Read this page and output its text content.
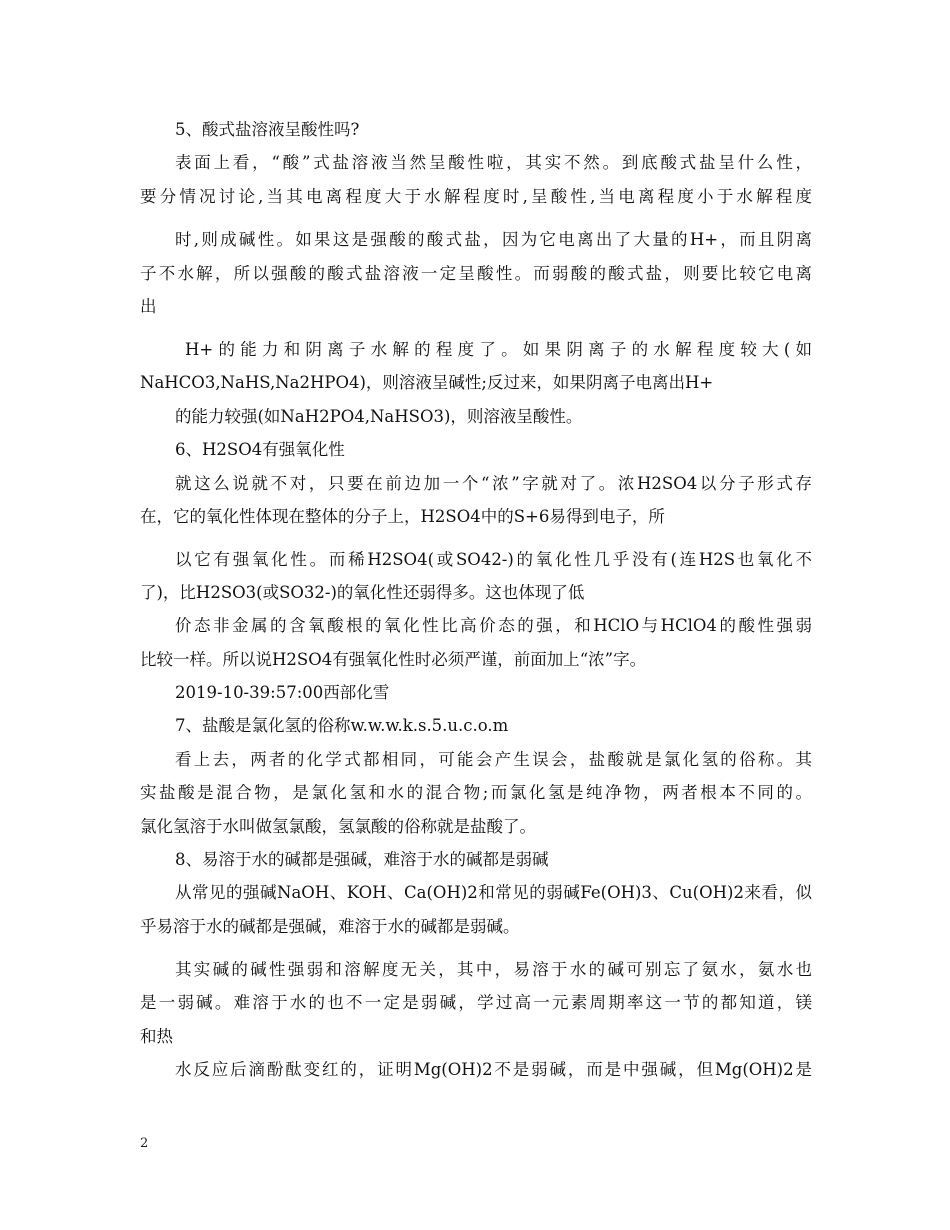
5、酸式盐溶液呈酸性吗?
表面上看，“酸”式盐溶液当然呈酸性啦，其实不然。到底酸式盐呈什么性，
要分情况讨论,当其电离程度大于水解程度时,呈酸性,当电离程度小于水解程度
时,则成碱性。如果这是强酸的酸式盐，因为它电离出了大量的H+，而且阴离
子不水解，所以强酸的酸式盐溶液一定呈酸性。而弱酸的酸式盐，则要比较它电离
出
H+的能力和阴离子水解的程度了。如果阴离子的水解程度较大(如
NaHCO3,NaHS,Na2HPO4)，则溶液呈碱性;反过来，如果阴离子电离出H+
的能力较强(如NaH2PO4,NaHSO3)，则溶液呈酸性。
6、H2SO4有强氧化性
就这么说就不对，只要在前边加一个“浓”字就对了。浓H2SO4以分子形式存
在，它的氧化性体现在整体的分子上，H2SO4中的S+6易得到电子，所
以它有强氧化性。而稀H2SO4(或SO42-)的氧化性几乎没有(连H2S也氧化不
了)，比H2SO3(或SO32-)的氧化性还弱得多。这也体现了低
价态非金属的含氧酸根的氧化性比高价态的强，和HClO与HClO4的酸性强弱
比较一样。所以说H2SO4有强氧化性时必须严谨，前面加上“浓”字。
2019-10-39:57:00西部化雪
7、盐酸是氯化氢的俗称w.w.w.k.s.5.u.c.o.m
看上去，两者的化学式都相同，可能会产生误会，盐酸就是氯化氢的俗称。其
实盐酸是混合物，是氯化氢和水的混合物;而氯化氢是纯净物，两者根本不同的。
氯化氢溶于水叫做氢氯酸，氢氯酸的俗称就是盐酸了。
8、易溶于水的碱都是强碱，难溶于水的碱都是弱碱
从常见的强碱NaOH、KOH、Ca(OH)2和常见的弱碱Fe(OH)3、Cu(OH)2来看，似
乎易溶于水的碱都是强碱，难溶于水的碱都是弱碱。
其实碱的碱性强弱和溶解度无关，其中，易溶于水的碱可别忘了氨水，氨水也
是一弱碱。难溶于水的也不一定是弱碱，学过高一元素周期率这一节的都知道，镁
和热
水反应后滴酚酞变红的，证明Mg(OH)2不是弱碱，而是中强碱，但Mg(OH)2是
2
